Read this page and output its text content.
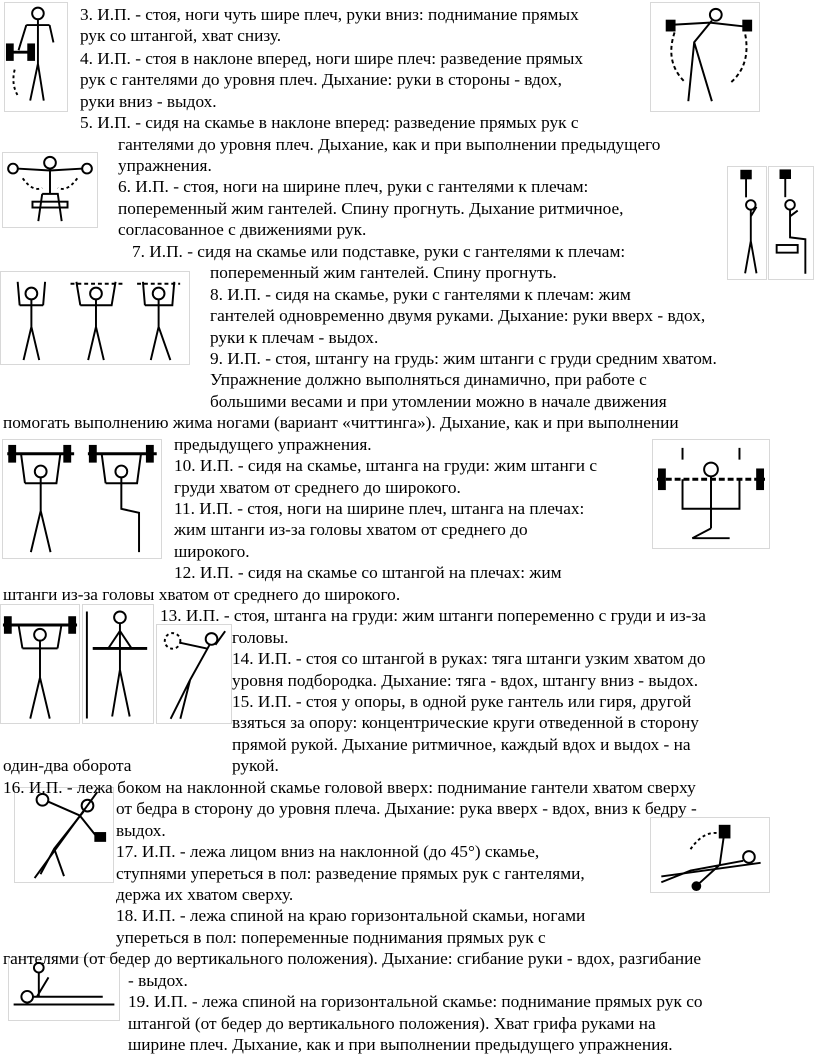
3. И.П. - стоя, ноги чуть шире плеч, руки вниз: поднимание прямых
рук со штангой, хват снизу.
4. И.П. - стоя в наклоне вперед, ноги шире плеч: разведение прямых
рук с гантелями до уровня плеч. Дыхание: руки в стороны - вдох,
руки вниз - выдох.
5. И.П. - сидя на скамье в наклоне вперед: разведение прямых рук с
гантелями до уровня плеч. Дыхание, как и при выполнении предыдущего
упражнения.
6. И.П. - стоя, ноги на ширине плеч, руки с гантелями к плечам:
попеременный жим гантелей. Спину прогнуть. Дыхание ритмичное,
согласованное с движениями рук.
7. И.П. - сидя на скамье или подставке, руки с гантелями к плечам:
попеременный жим гантелей. Спину прогнуть.
8. И.П. - сидя на скамье, руки с гантелями к плечам: жим
гантелей одновременно двумя руками. Дыхание: руки вверх - вдох,
руки к плечам - выдох.
9. И.П. - стоя, штангу на грудь: жим штанги с груди средним хватом.
Упражнение должно выполняться динамично, при работе с
большими весами и при утомлении можно в начале движения
помогать выполнению жима ногами (вариант «читтинга»). Дыхание, как и при выполнении
предыдущего упражнения.
10. И.П. - сидя на скамье, штанга на груди: жим штанги с
груди хватом от среднего до широкого.
11. И.П. - стоя, ноги на ширине плеч, штанга на плечах:
жим штанги из-за головы хватом от среднего до
широкого.
12. И.П. - сидя на скамье со штангой на плечах: жим
штанги из-за головы хватом от среднего до широкого.
13. И.П. - стоя, штанга на груди: жим штанги попеременно с груди и из-за
головы.
14. И.П. - стоя со штангой в руках: тяга штанги узким хватом до
уровня подбородка. Дыхание: тяга - вдох, штангу вниз - выдох.
15. И.П. - стоя у опоры, в одной руке гантель или гиря, другой
взяться за опору: концентрические круги отведенной в сторону
прямой рукой. Дыхание ритмичное, каждый вдох и выдох - на
один-два оборота	рукой.
16. И.П. - лежа боком на наклонной скамье головой вверх: поднимание гантели хватом сверху
от бедра в сторону до уровня плеча. Дыхание: рука вверх - вдох, вниз к бедру -
выдох.
17. И.П. - лежа лицом вниз на наклонной (до 45°) скамье,
ступнями упереться в пол: разведение прямых рук с гантелями,
держа их хватом сверху.
18. И.П. - лежа спиной на краю горизонтальной скамьи, ногами
упереться в пол: попеременные поднимания прямых рук с
гантелями (от бедер до вертикального положения). Дыхание: сгибание руки - вдох, разгибание
- выдох.
19. И.П. - лежа спиной на горизонтальной скамье: поднимание прямых рук со
штангой (от бедер до вертикального положения). Хват грифа руками на
ширине плеч. Дыхание, как и при выполнении предыдущего упражнения.
